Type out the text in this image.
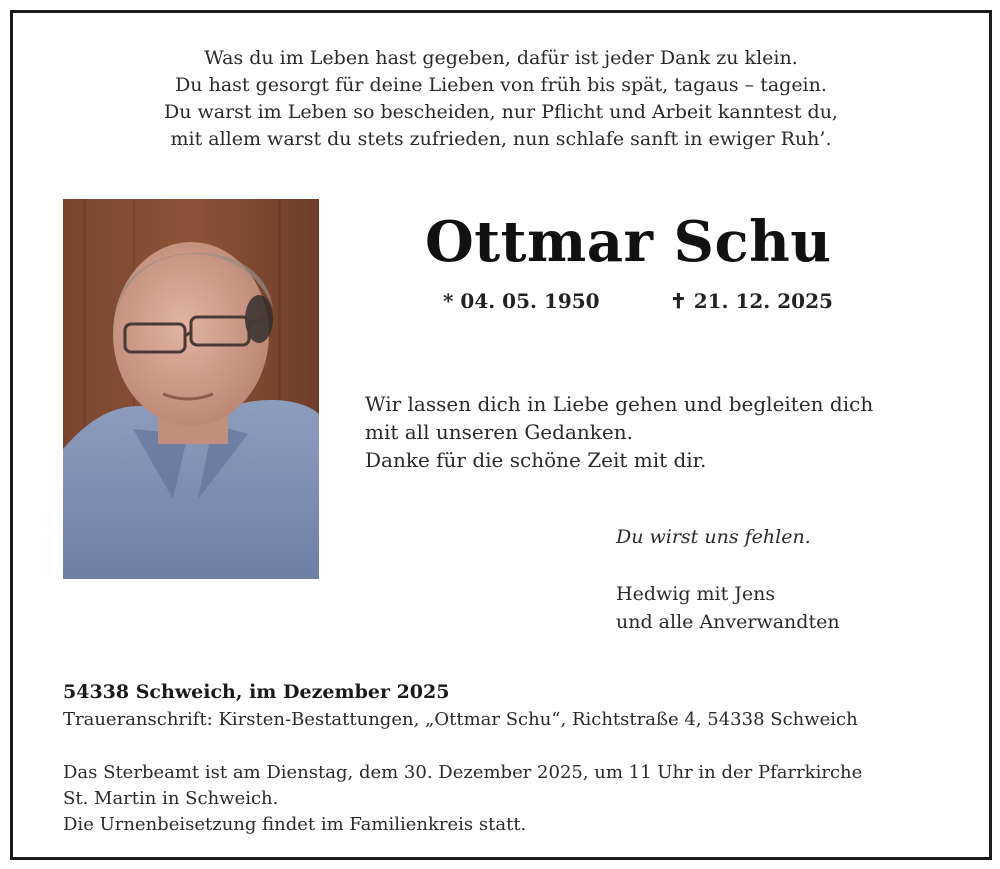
Was du im Leben hast gegeben, dafür ist jeder Dank zu klein.
Du hast gesorgt für deine Lieben von früh bis spät, tagaus – tagein.
Du warst im Leben so bescheiden, nur Pflicht und Arbeit kanntest du,
mit allem warst du stets zufrieden, nun schlafe sanft in ewiger Ruh’.
Ottmar Schu
* 04. 05. 1950	✝ 21. 12. 2025
Wir lassen dich in Liebe gehen und begleiten dich
mit all unseren Gedanken.
Danke für die schöne Zeit mit dir.
Du wirst uns fehlen.
Hedwig mit Jens
und alle Anverwandten
54338 Schweich, im Dezember 2025
Traueranschrift: Kirsten-Bestattungen, „Ottmar Schu“, Richtstraße 4, 54338 Schweich
Das Sterbeamt ist am Dienstag, dem 30. Dezember 2025, um 11 Uhr in der Pfarrkirche
St. Martin in Schweich.
Die Urnenbeisetzung findet im Familienkreis statt.
